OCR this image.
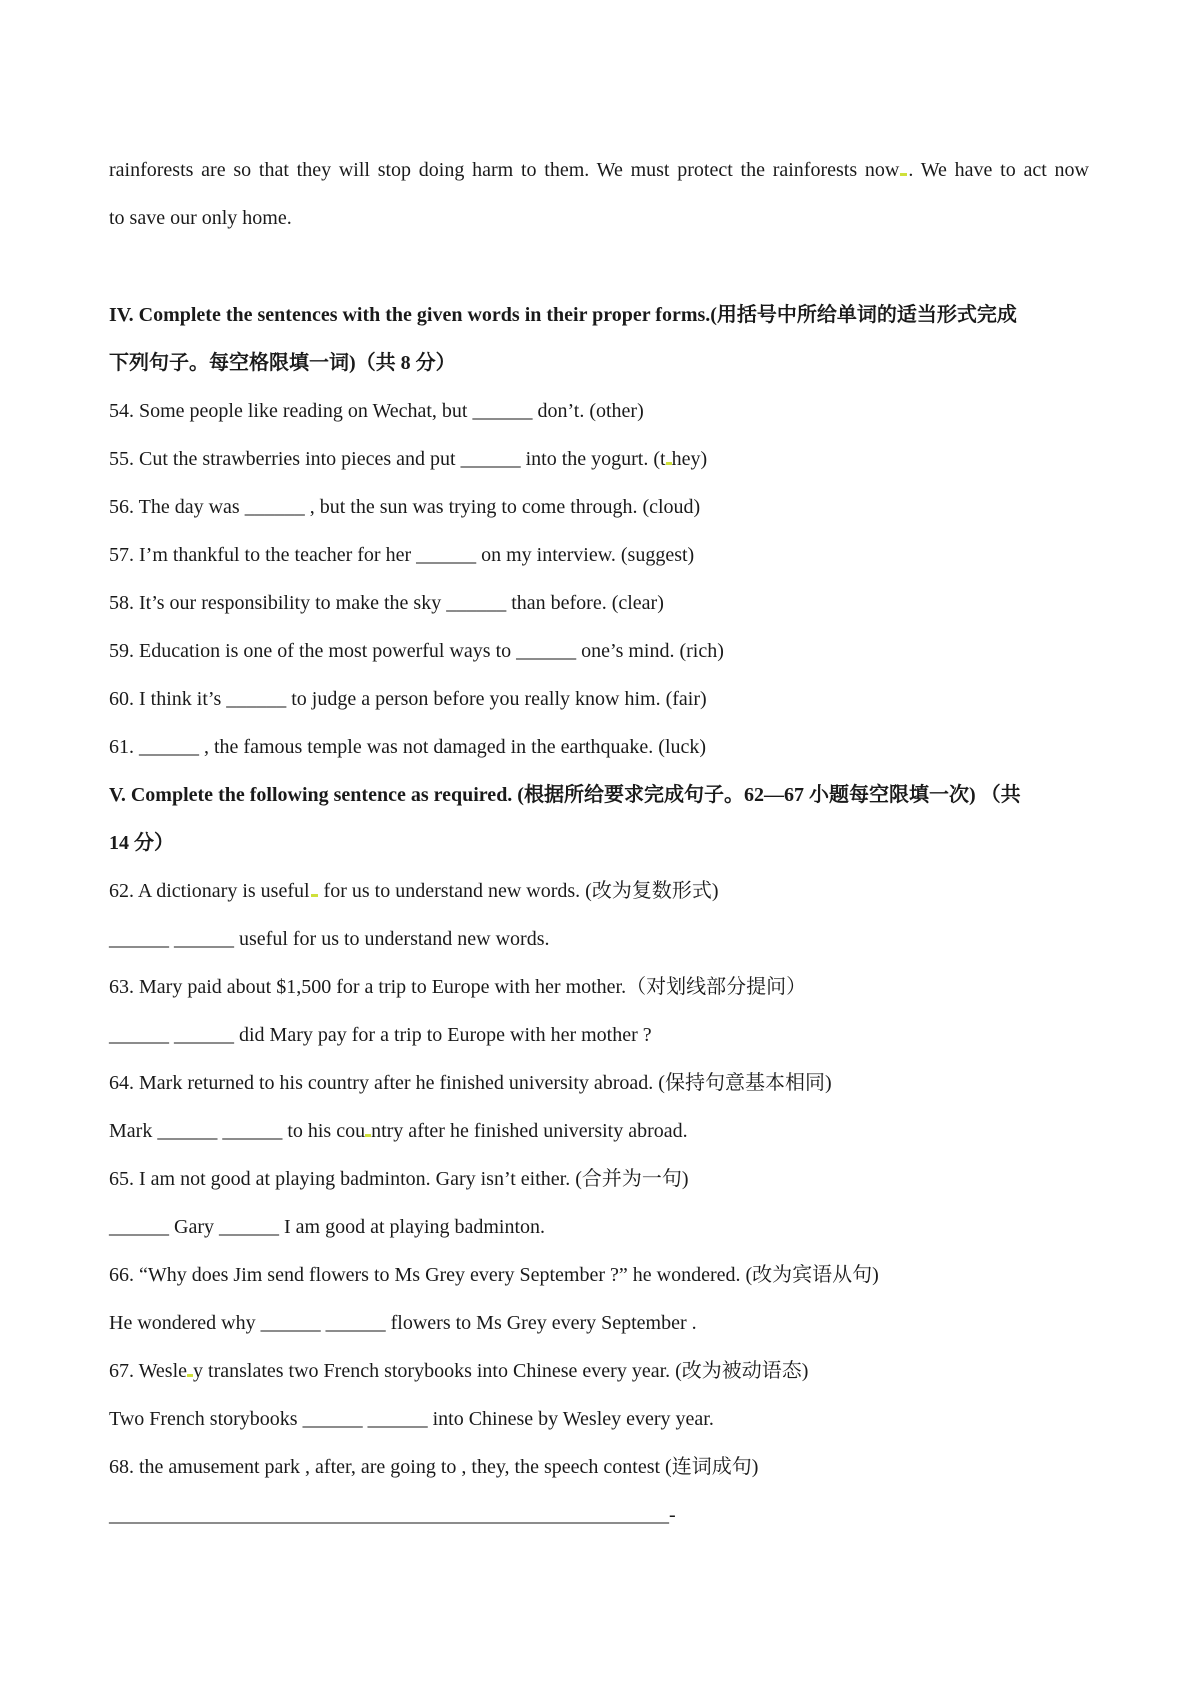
rainforests are so that they will stop doing harm to them. We must protect the rainforests now . We have to act now
to save our only home.
IV. Complete the sentences with the given words in their proper forms.(用括号中所给单词的适当形式完成
下列句子。每空格限填一词)（共 8 分）
54. Some people like reading on Wechat, but ______ don’t. (other)
55. Cut the strawberries into pieces and put ______ into the yogurt. (t hey)
56. The day was ______ , but the sun was trying to come through. (cloud)
57. I’m thankful to the teacher for her ______ on my interview. (suggest)
58. It’s our responsibility to make the sky ______ than before. (clear)
59. Education is one of the most powerful ways to ______ one’s mind. (rich)
60. I think it’s ______ to judge a person before you really know him. (fair)
61. ______ , the famous temple was not damaged in the earthquake. (luck)
V. Complete the following sentence as required. (根据所给要求完成句子。62—67 小题每空限填一次) （共
14 分）
62. A dictionary is useful for us to understand new words. (改为复数形式)
______ ______ useful for us to understand new words.
63. Mary paid about $1,500 for a trip to Europe with her mother.（对划线部分提问）
______ ______ did Mary pay for a trip to Europe with her mother ?
64. Mark returned to his country after he finished university abroad. (保持句意基本相同)
Mark ______ ______ to his cou ntry after he finished university abroad.
65. I am not good at playing badminton. Gary isn’t either. (合并为一句)
______ Gary ______ I am good at playing badminton.
66. “Why does Jim send flowers to Ms Grey every September ?” he wondered. (改为宾语从句)
He wondered why ______ ______ flowers to Ms Grey every September .
67. Wesle y translates two French storybooks into Chinese every year. (改为被动语态)
Two French storybooks ______ ______ into Chinese by Wesley every year.
68. the amusement park , after, are going to , they, the speech contest (连词成句)
________________________________________________________-
